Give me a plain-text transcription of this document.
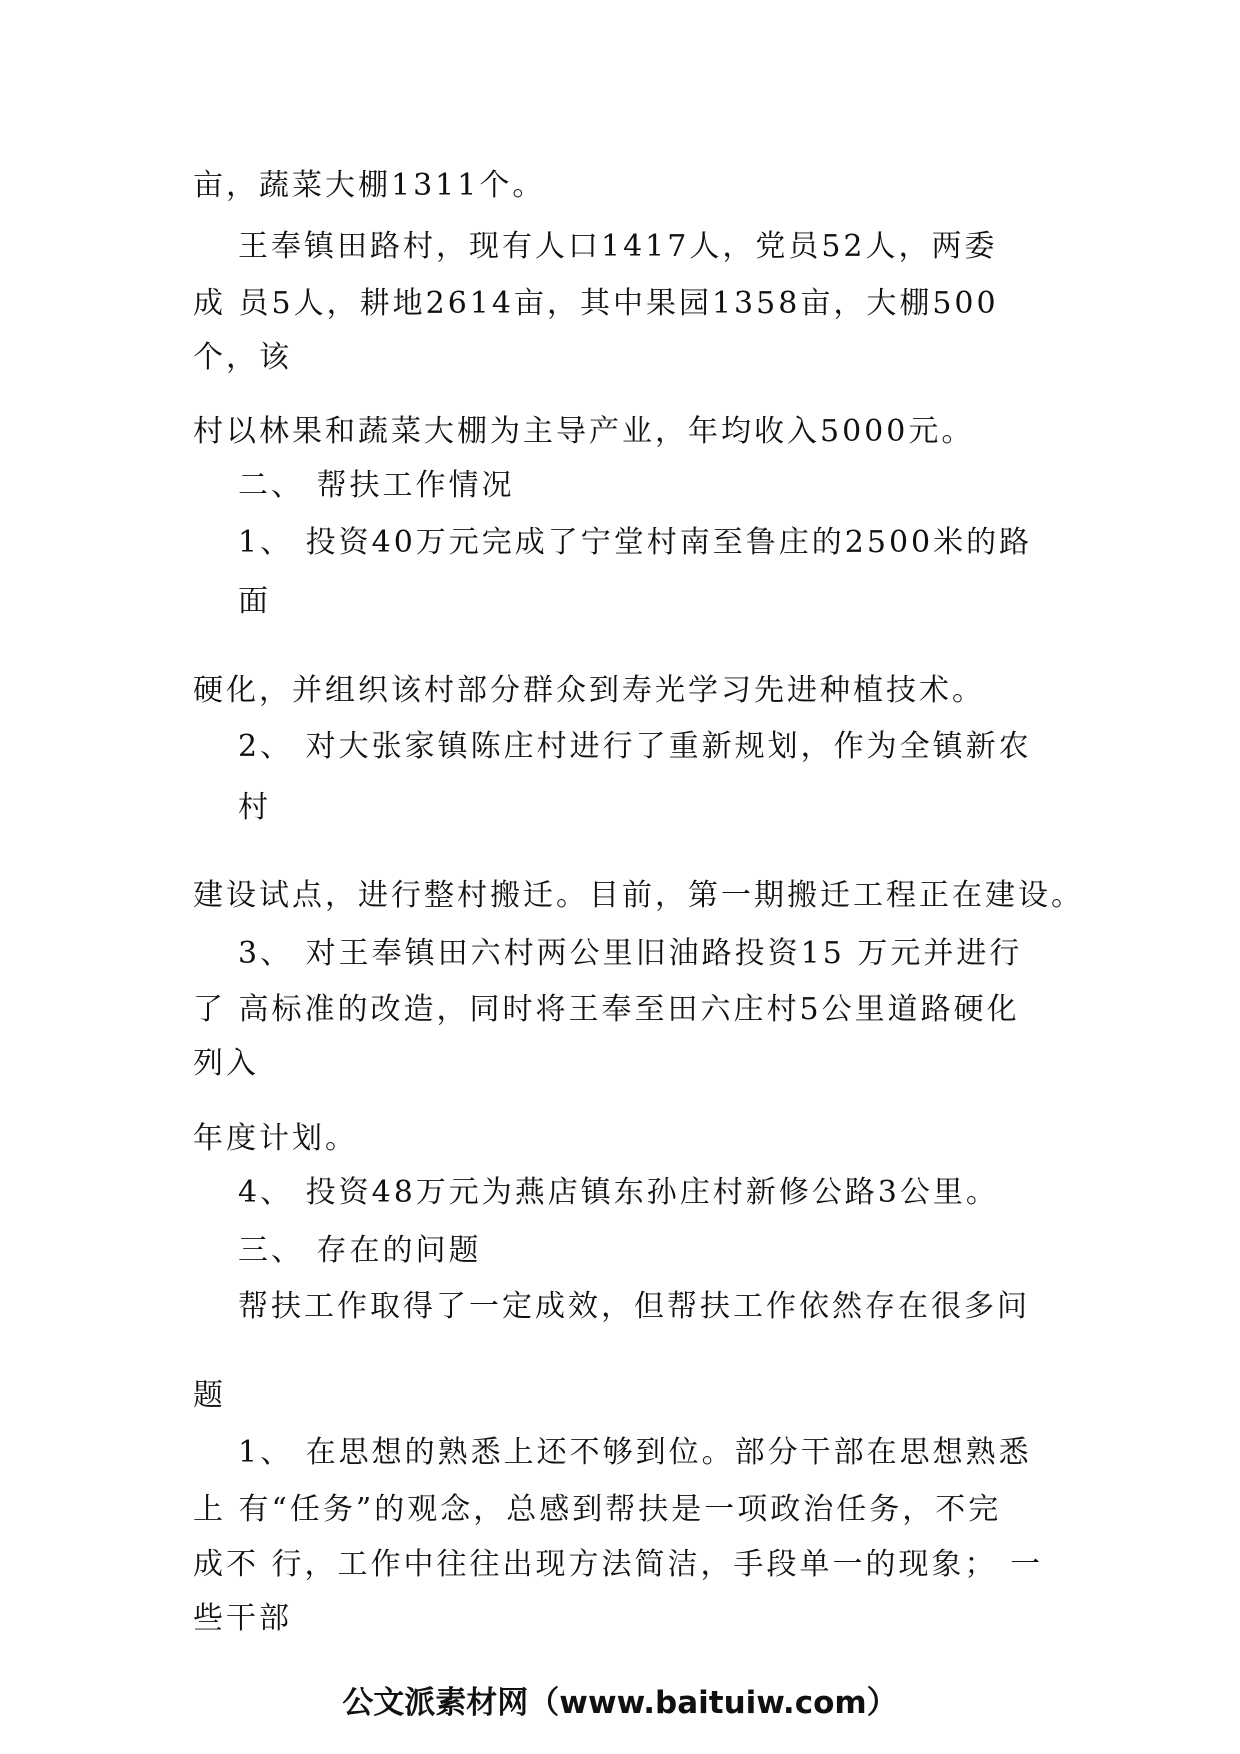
亩，蔬菜大棚1311个。
王奉镇田路村，现有人口1417人，党员52人，两委
成 员5人，耕地2614亩，其中果园1358亩，大棚500
个，该
村以林果和蔬菜大棚为主导产业，年均收入5000元。
二、 帮扶工作情况
1、 投资40万元完成了宁堂村南至鲁庄的2500米的路
面
硬化，并组织该村部分群众到寿光学习先进种植技术。
2、 对大张家镇陈庄村进行了重新规划，作为全镇新农
村
建设试点，进行整村搬迁。目前，第一期搬迁工程正在建设。
3、 对王奉镇田六村两公里旧油路投资15 万元并进行
了 高标准的改造，同时将王奉至田六庄村5公里道路硬化
列入
年度计划。
4、 投资48万元为燕店镇东孙庄村新修公路3公里。
三、 存在的问题
帮扶工作取得了一定成效，但帮扶工作依然存在很多问
题
1、 在思想的熟悉上还不够到位。部分干部在思想熟悉
上 有“任务”的观念，总感到帮扶是一项政治任务，不完
成不 行，工作中往往出现方法简洁，手段单一的现象； 一
些干部
公文派素材网（www.baituiw.com）
